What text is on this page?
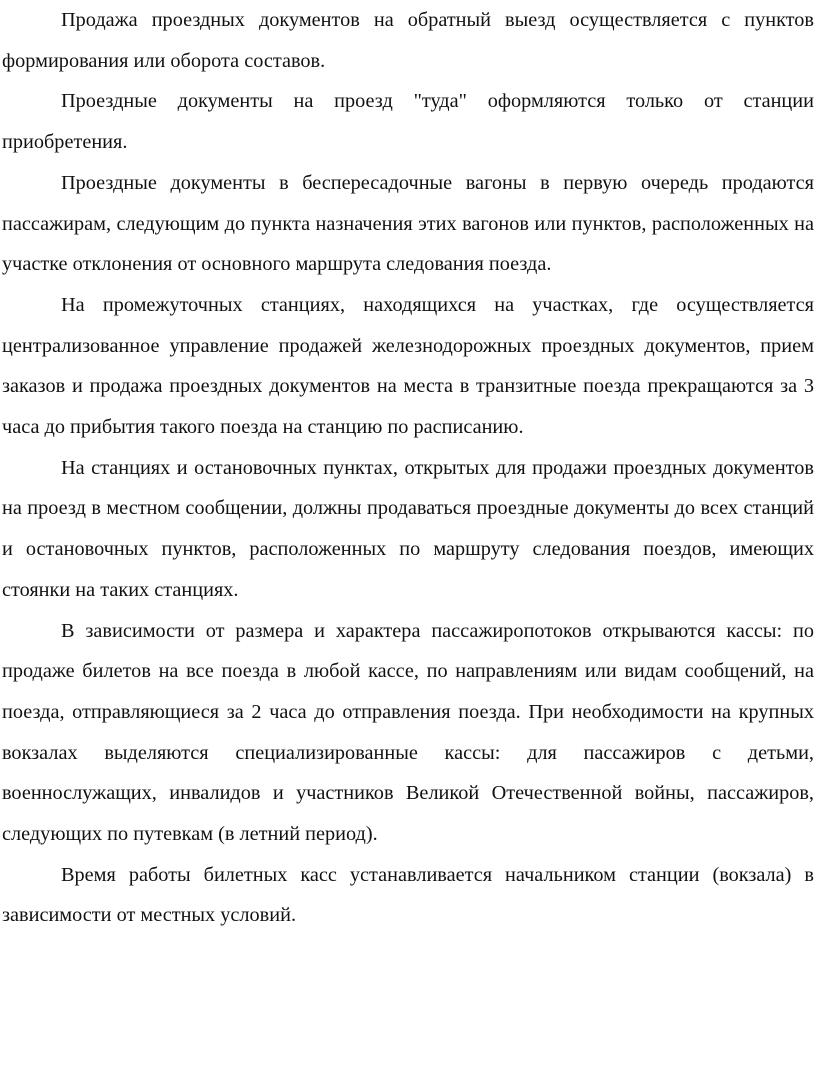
Продажа проездных документов на обратный выезд осуществляется с пунктов формирования или оборота составов.

Проездные документы на проезд "туда" оформляются только от станции приобретения.

Проездные документы в беспересадочные вагоны в первую очередь продаются пассажирам, следующим до пункта назначения этих вагонов или пунктов, расположенных на участке отклонения от основного маршрута следования поезда.

На промежуточных станциях, находящихся на участках, где осуществляется централизованное управление продажей железнодорожных проездных документов, прием заказов и продажа проездных документов на места в транзитные поезда прекращаются за 3 часа до прибытия такого поезда на станцию по расписанию.

На станциях и остановочных пунктах, открытых для продажи проездных документов на проезд в местном сообщении, должны продаваться проездные документы до всех станций и остановочных пунктов, расположенных по маршруту следования поездов, имеющих стоянки на таких станциях.

В зависимости от размера и характера пассажиропотоков открываются кассы: по продаже билетов на все поезда в любой кассе, по направлениям или видам сообщений, на поезда, отправляющиеся за 2 часа до отправления поезда. При необходимости на крупных вокзалах выделяются специализированные кассы: для пассажиров с детьми, военнослужащих, инвалидов и участников Великой Отечественной войны, пассажиров, следующих по путевкам (в летний период).

Время работы билетных касс устанавливается начальником станции (вокзала) в зависимости от местных условий.
